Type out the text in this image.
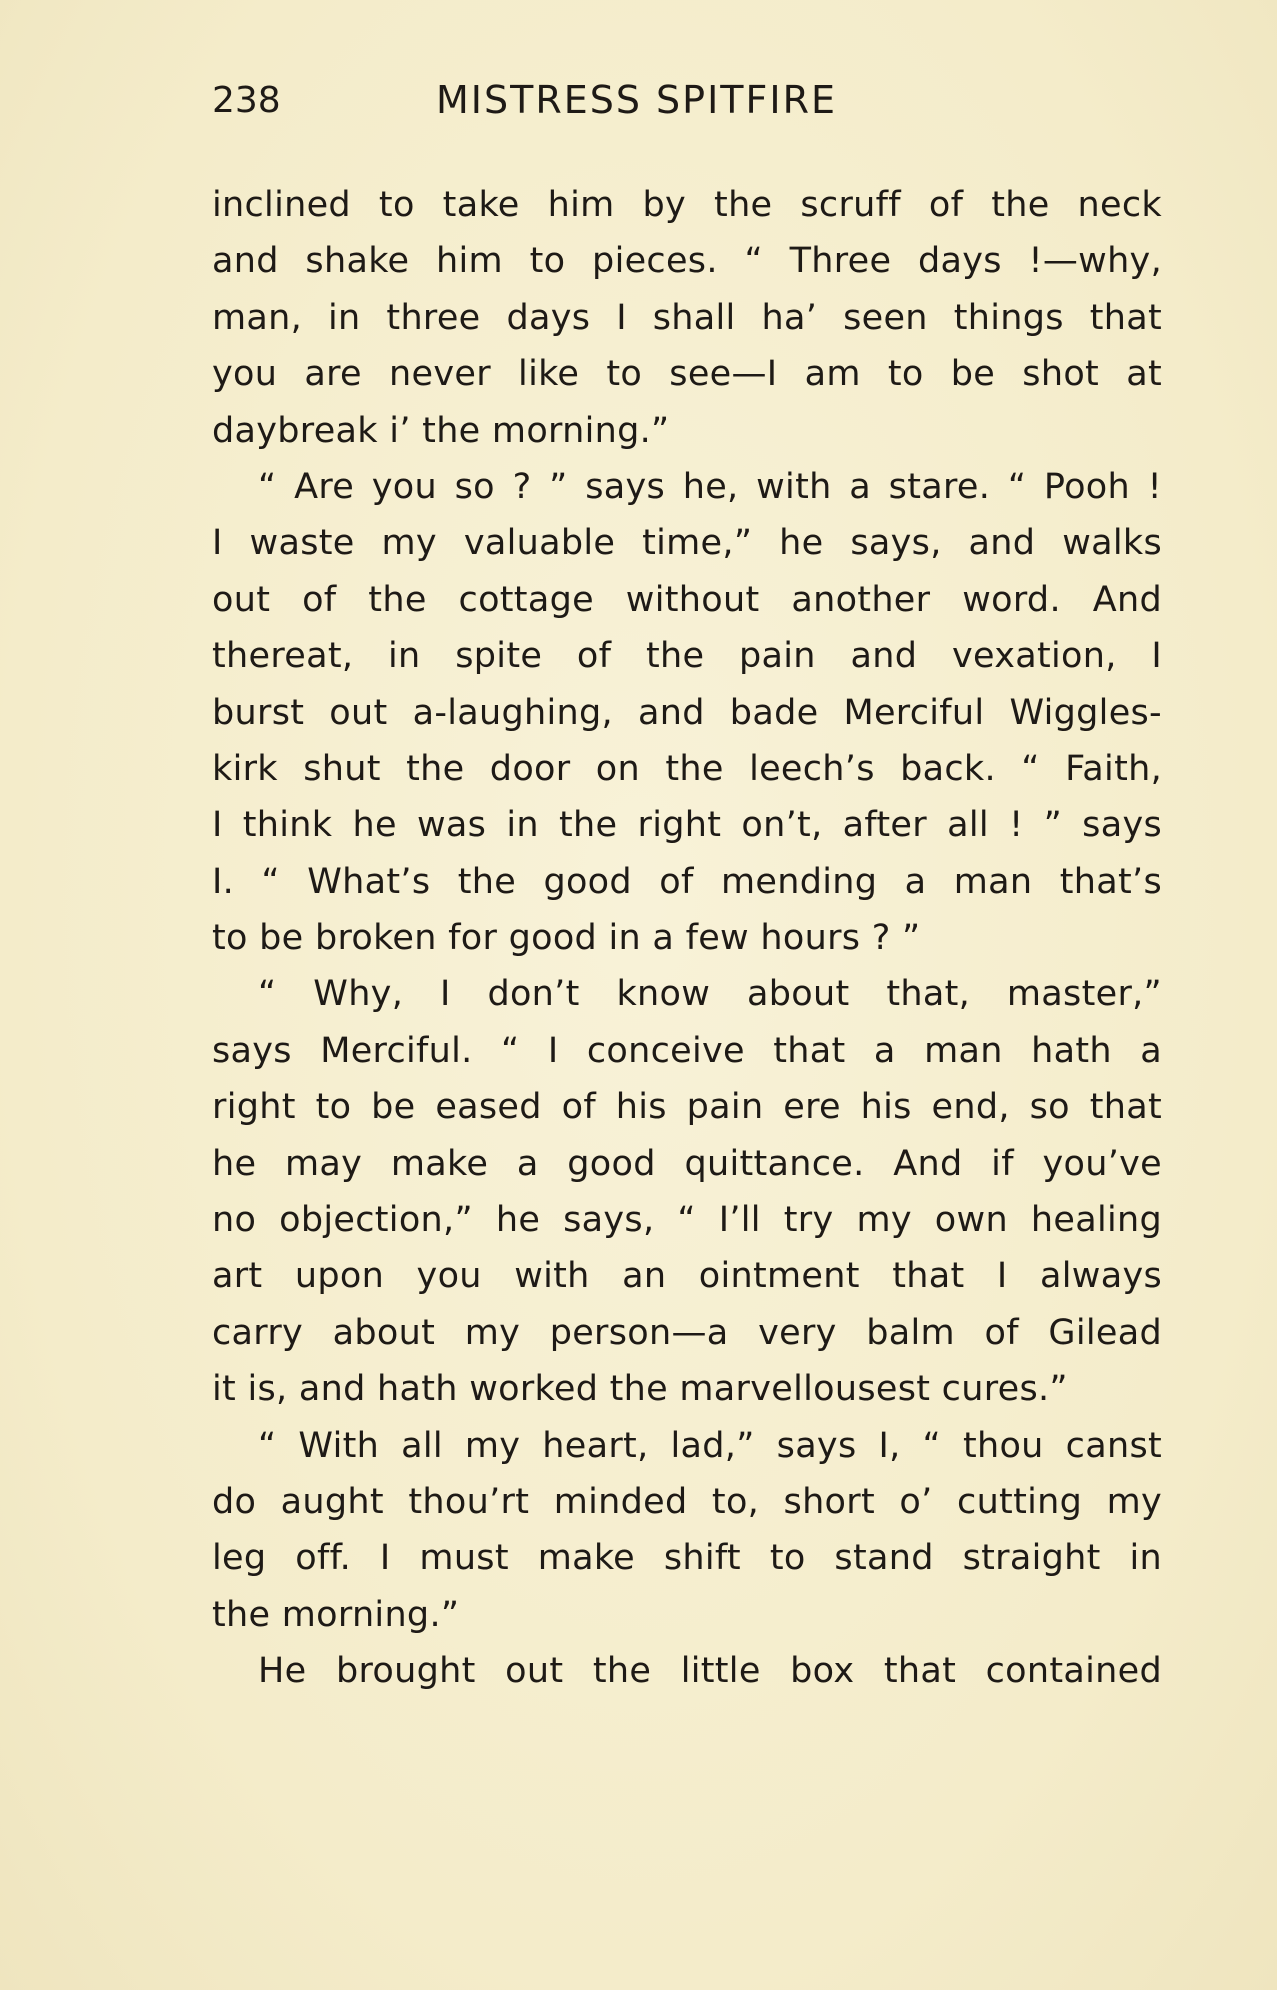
238	MISTRESS SPITFIRE
inclined to take him by the scruff of the neck
and shake him to pieces. “ Three days !—why,
man, in three days I shall ha’ seen things that
you are never like to see—I am to be shot at
daybreak i’ the morning.”
“ Are you so ? ” says he, with a stare. “ Pooh !
I waste my valuable time,” he says, and walks
out of the cottage without another word. And
thereat, in spite of the pain and vexation, I
burst out a-laughing, and bade Merciful Wiggles-
kirk shut the door on the leech’s back. “ Faith,
I think he was in the right on’t, after all ! ” says
I. “ What’s the good of mending a man that’s
to be broken for good in a few hours ? ”
“ Why, I don’t know about that, master,”
says Merciful. “ I conceive that a man hath a
right to be eased of his pain ere his end, so that
he may make a good quittance. And if you’ve
no objection,” he says, “ I’ll try my own healing
art upon you with an ointment that I always
carry about my person—a very balm of Gilead
it is, and hath worked the marvellousest cures.”
“ With all my heart, lad,” says I, “ thou canst
do aught thou’rt minded to, short o’ cutting my
leg off. I must make shift to stand straight in
the morning.”
He brought out the little box that contained
